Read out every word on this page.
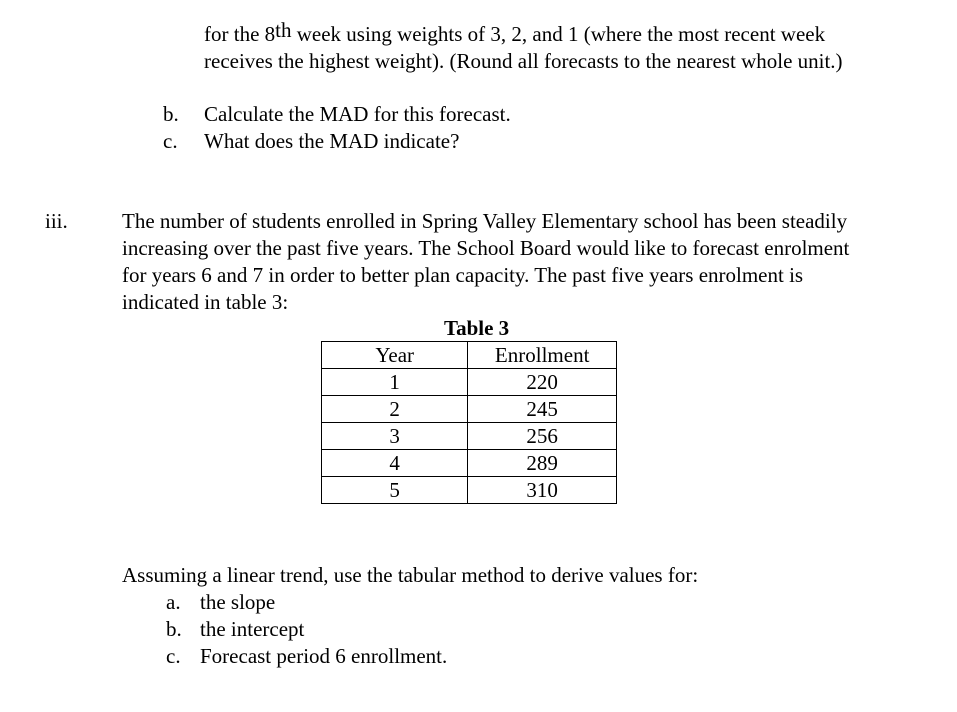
for the 8th week using weights of 3, 2, and 1 (where the most recent week
receives the highest weight). (Round all forecasts to the nearest whole unit.)
b. Calculate the MAD for this forecast.
c. What does the MAD indicate?
iii.	The number of students enrolled in Spring Valley Elementary school has been steadily
increasing over the past five years. The School Board would like to forecast enrolment
for years 6 and 7 in order to better plan capacity. The past five years enrolment is
indicated in table 3:
Table 3
Year	Enrollment
1	220
2	245
3	256
4	289
5	310
Assuming a linear trend, use the tabular method to derive values for:
a. the slope
b. the intercept
c. Forecast period 6 enrollment.
